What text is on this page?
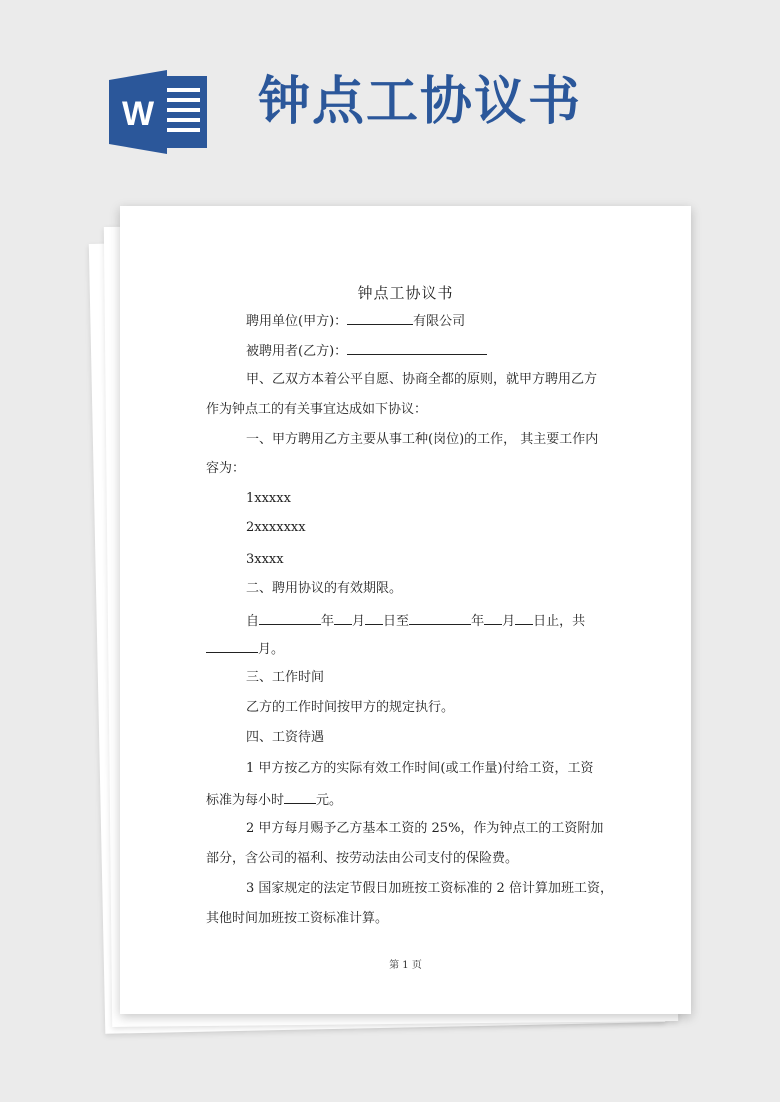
W 钟点工协议书
钟点工协议书
聘用单位(甲方)：	有限公司
被聘用者(乙方)：
甲、乙双方本着公平自愿、协商全都的原则，就甲方聘用乙方
作为钟点工的有关事宜达成如下协议：
一、甲方聘用乙方主要从事工种(岗位)的工作， 其主要工作内
容为：
1xxxxx
2xxxxxxx
3xxxx
二、聘用协议的有效期限。
自	年 月 日至	年 月 日止，共
月。
三、工作时间
乙方的工作时间按甲方的规定执行。
四、工资待遇
1 甲方按乙方的实际有效工作时间(或工作量)付给工资，工资
标准为每小时 元。
2 甲方每月赐予乙方基本工资的 25%，作为钟点工的工资附加
部分，含公司的福利、按劳动法由公司支付的保险费。
3 国家规定的法定节假日加班按工资标准的 2 倍计算加班工资，
其他时间加班按工资标准计算。
第 1 页
